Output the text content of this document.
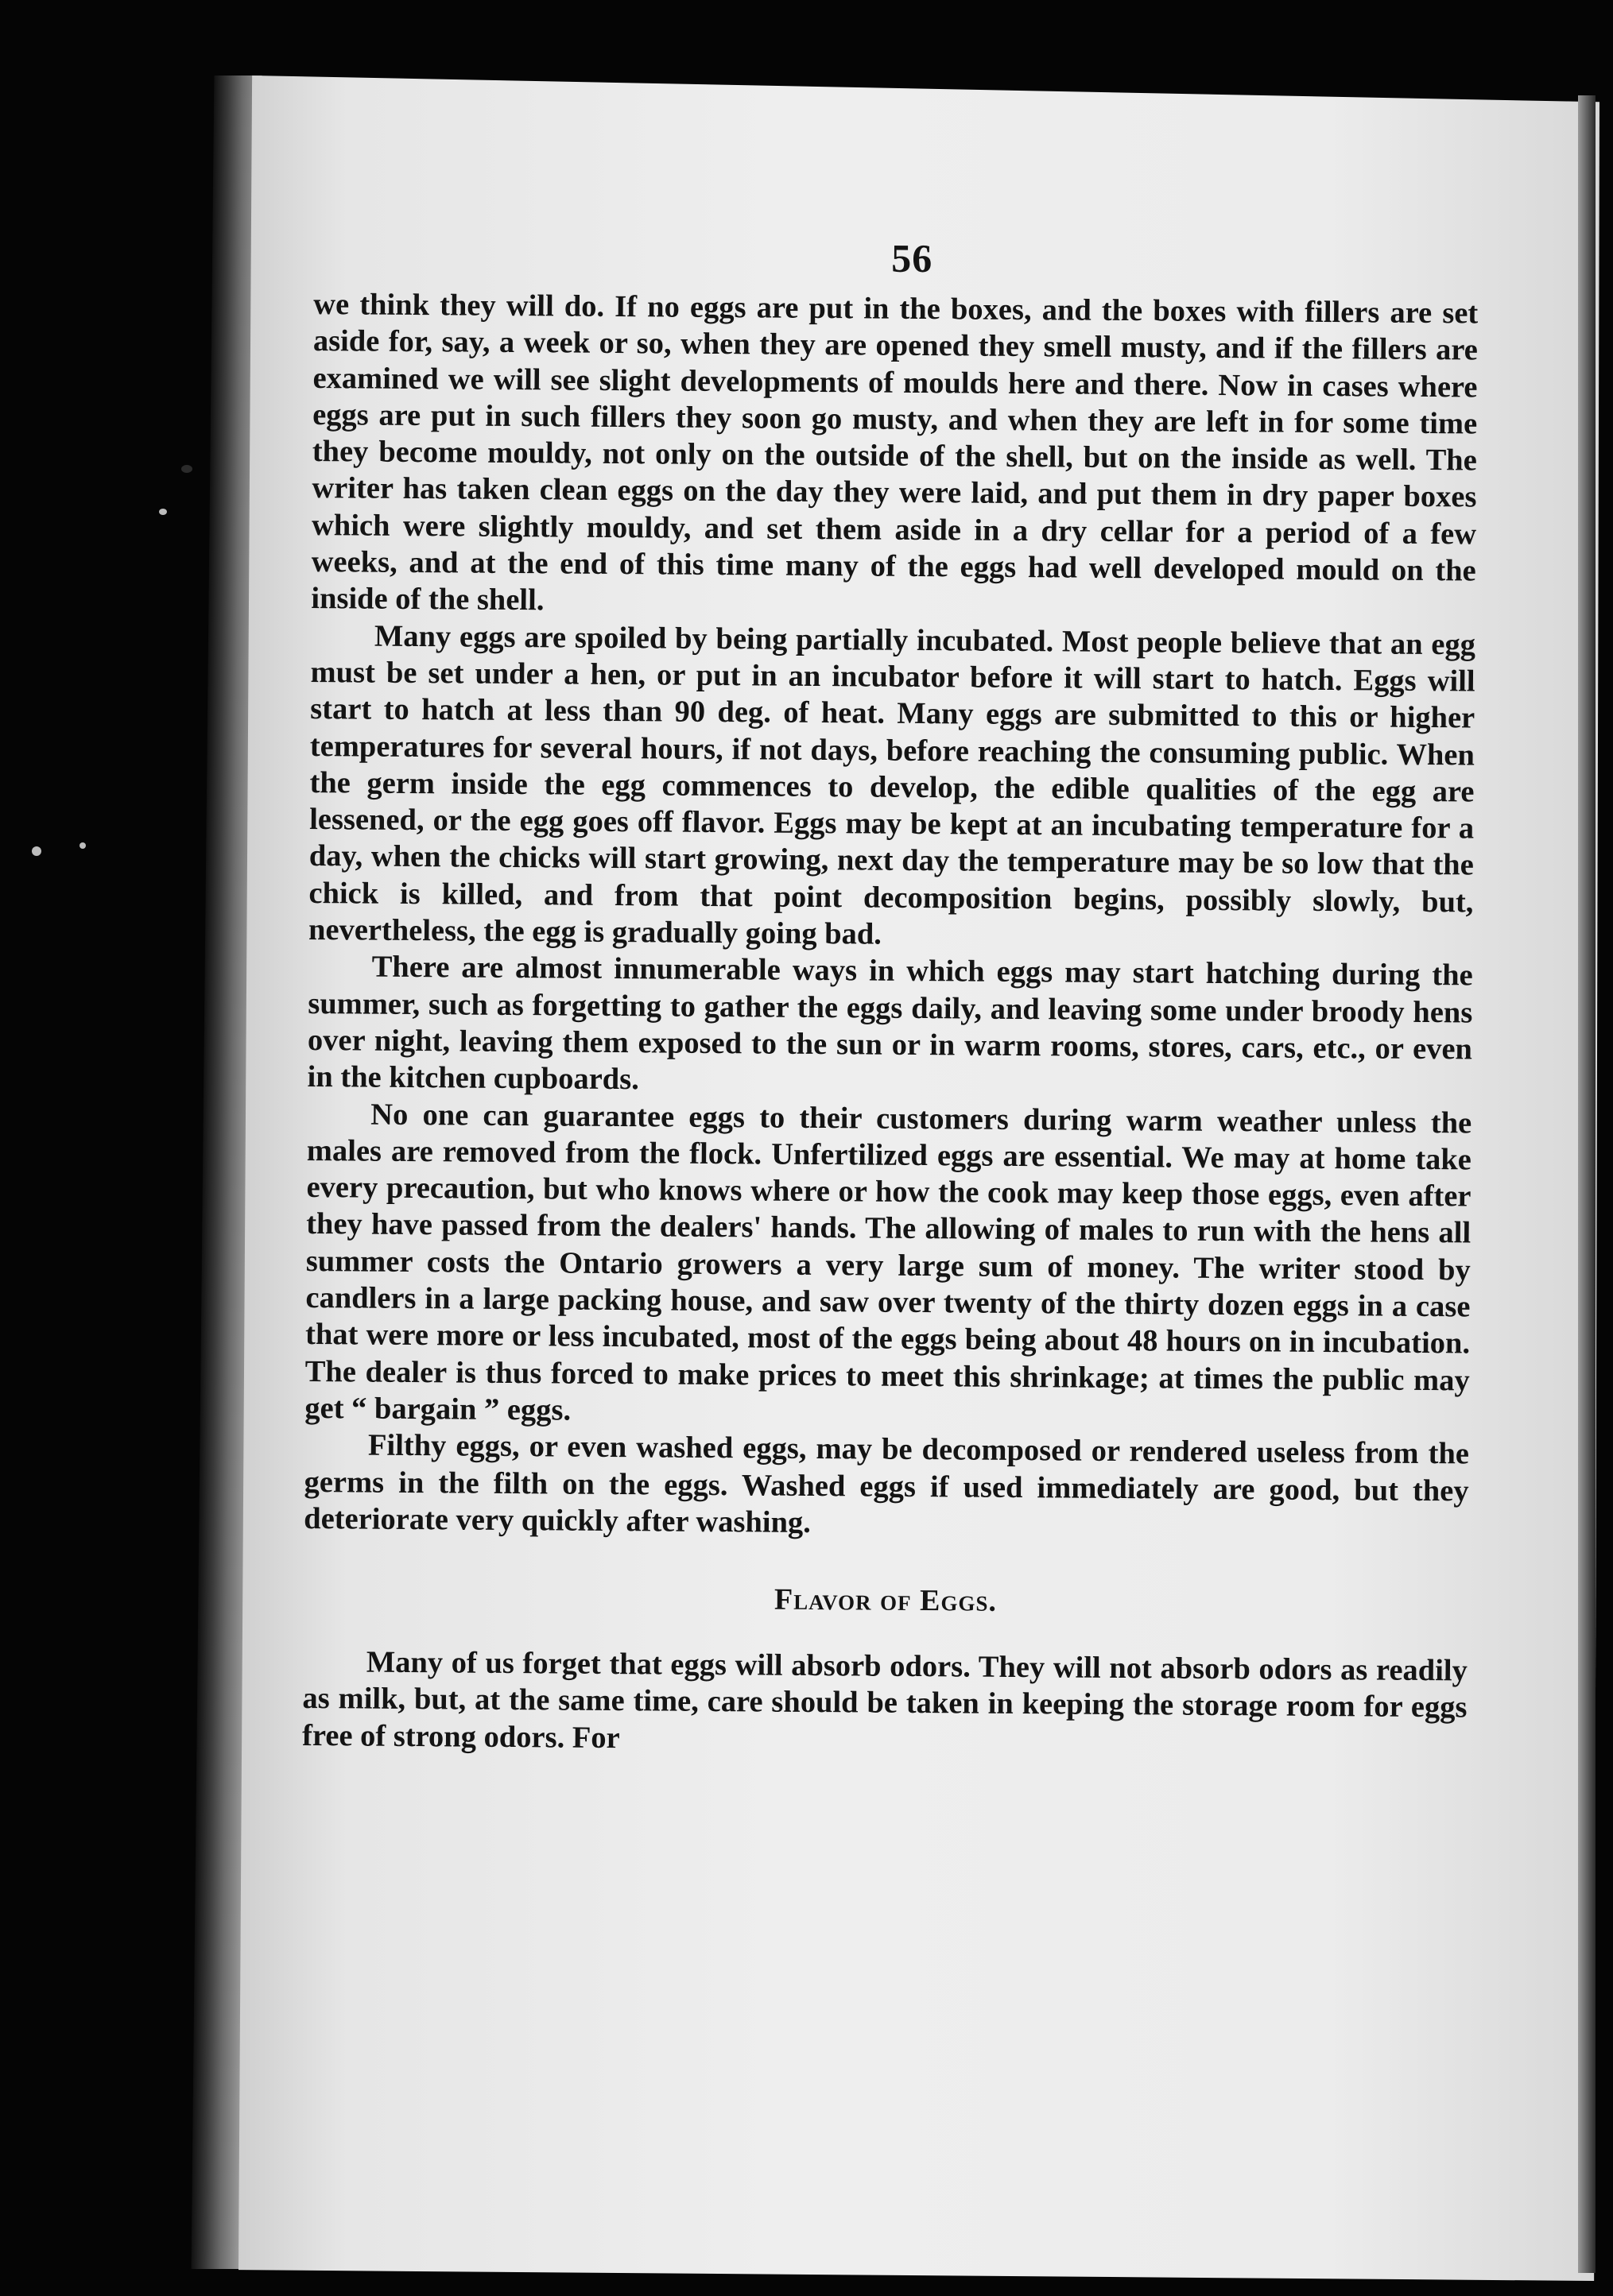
56

we think they will do. If no eggs are put in the boxes, and the boxes with fillers are set aside for, say, a week or so, when they are opened they smell musty, and if the fillers are examined we will see slight developments of moulds here and there. Now in cases where eggs are put in such fillers they soon go musty, and when they are left in for some time they become mouldy, not only on the outside of the shell, but on the inside as well. The writer has taken clean eggs on the day they were laid, and put them in dry paper boxes which were slightly mouldy, and set them aside in a dry cellar for a period of a few weeks, and at the end of this time many of the eggs had well developed mould on the inside of the shell.

Many eggs are spoiled by being partially incubated. Most people believe that an egg must be set under a hen, or put in an incubator before it will start to hatch. Eggs will start to hatch at less than 90 deg. of heat. Many eggs are submitted to this or higher temperatures for several hours, if not days, before reaching the consuming public. When the germ inside the egg commences to develop, the edible qualities of the egg are lessened, or the egg goes off flavor. Eggs may be kept at an incubating temperature for a day, when the chicks will start growing, next day the temperature may be so low that the chick is killed, and from that point decomposition begins, possibly slowly, but, nevertheless, the egg is gradually going bad.

There are almost innumerable ways in which eggs may start hatching during the summer, such as forgetting to gather the eggs daily, and leaving some under broody hens over night, leaving them exposed to the sun or in warm rooms, stores, cars, etc., or even in the kitchen cupboards.

No one can guarantee eggs to their customers during warm weather unless the males are removed from the flock. Unfertilized eggs are essential. We may at home take every precaution, but who knows where or how the cook may keep those eggs, even after they have passed from the dealers' hands. The allowing of males to run with the hens all summer costs the Ontario growers a very large sum of money. The writer stood by candlers in a large packing house, and saw over twenty of the thirty dozen eggs in a case that were more or less incubated, most of the eggs being about 48 hours on in incubation. The dealer is thus forced to make prices to meet this shrinkage; at times the public may get “ bargain ” eggs.

Filthy eggs, or even washed eggs, may be decomposed or rendered useless from the germs in the filth on the eggs. Washed eggs if used immediately are good, but they deteriorate very quickly after washing.

Flavor of Eggs.

Many of us forget that eggs will absorb odors. They will not absorb odors as readily as milk, but, at the same time, care should be taken in keeping the storage room for eggs free of strong odors. For
